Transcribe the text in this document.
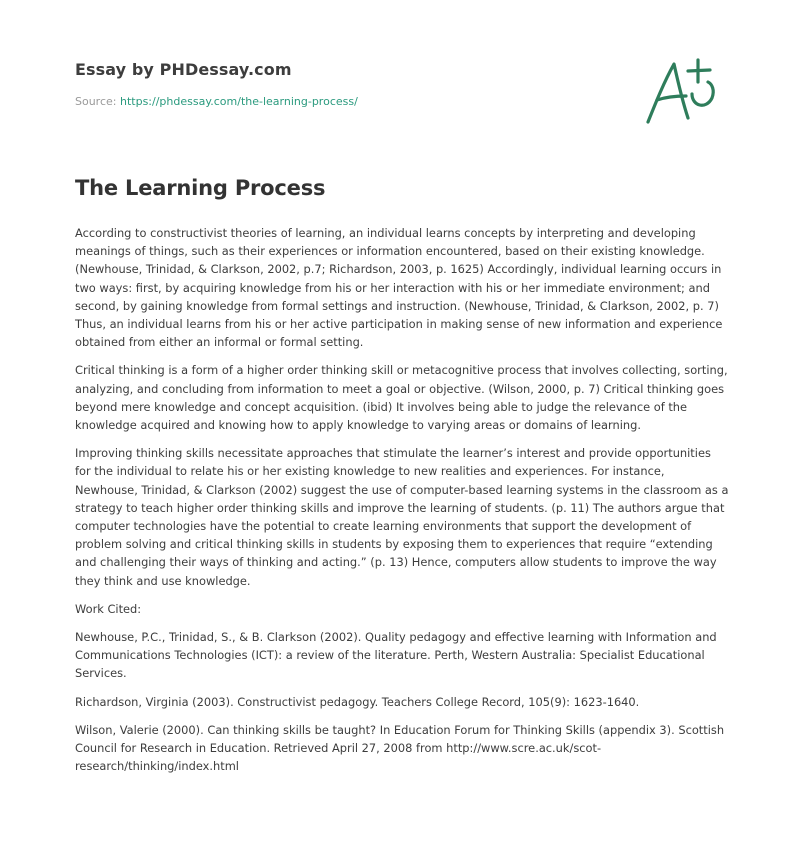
Essay by PHDessay.com
Source: https://phdessay.com/the-learning-process/
The Learning Process

According to constructivist theories of learning, an individual learns concepts by interpreting and developing meanings of things, such as their experiences or information encountered, based on their existing knowledge. (Newhouse, Trinidad, & Clarkson, 2002, p.7; Richardson, 2003, p. 1625) Accordingly, individual learning occurs in two ways: first, by acquiring knowledge from his or her interaction with his or her immediate environment; and second, by gaining knowledge from formal settings and instruction. (Newhouse, Trinidad, & Clarkson, 2002, p. 7) Thus, an individual learns from his or her active participation in making sense of new information and experience obtained from either an informal or formal setting.

Critical thinking is a form of a higher order thinking skill or metacognitive process that involves collecting, sorting, analyzing, and concluding from information to meet a goal or objective. (Wilson, 2000, p. 7) Critical thinking goes beyond mere knowledge and concept acquisition. (ibid) It involves being able to judge the relevance of the knowledge acquired and knowing how to apply knowledge to varying areas or domains of learning.

Improving thinking skills necessitate approaches that stimulate the learner’s interest and provide opportunities for the individual to relate his or her existing knowledge to new realities and experiences. For instance, Newhouse, Trinidad, & Clarkson (2002) suggest the use of computer-based learning systems in the classroom as a strategy to teach higher order thinking skills and improve the learning of students. (p. 11) The authors argue that computer technologies have the potential to create learning environments that support the development of problem solving and critical thinking skills in students by exposing them to experiences that require “extending and challenging their ways of thinking and acting.” (p. 13) Hence, computers allow students to improve the way they think and use knowledge.

Work Cited:

Newhouse, P.C., Trinidad, S., & B. Clarkson (2002). Quality pedagogy and effective learning with Information and Communications Technologies (ICT): a review of the literature. Perth, Western Australia: Specialist Educational Services.

Richardson, Virginia (2003). Constructivist pedagogy. Teachers College Record, 105(9): 1623-1640.

Wilson, Valerie (2000). Can thinking skills be taught? In Education Forum for Thinking Skills (appendix 3). Scottish Council for Research in Education. Retrieved April 27, 2008 from http://www.scre.ac.uk/scot-research/thinking/index.html
